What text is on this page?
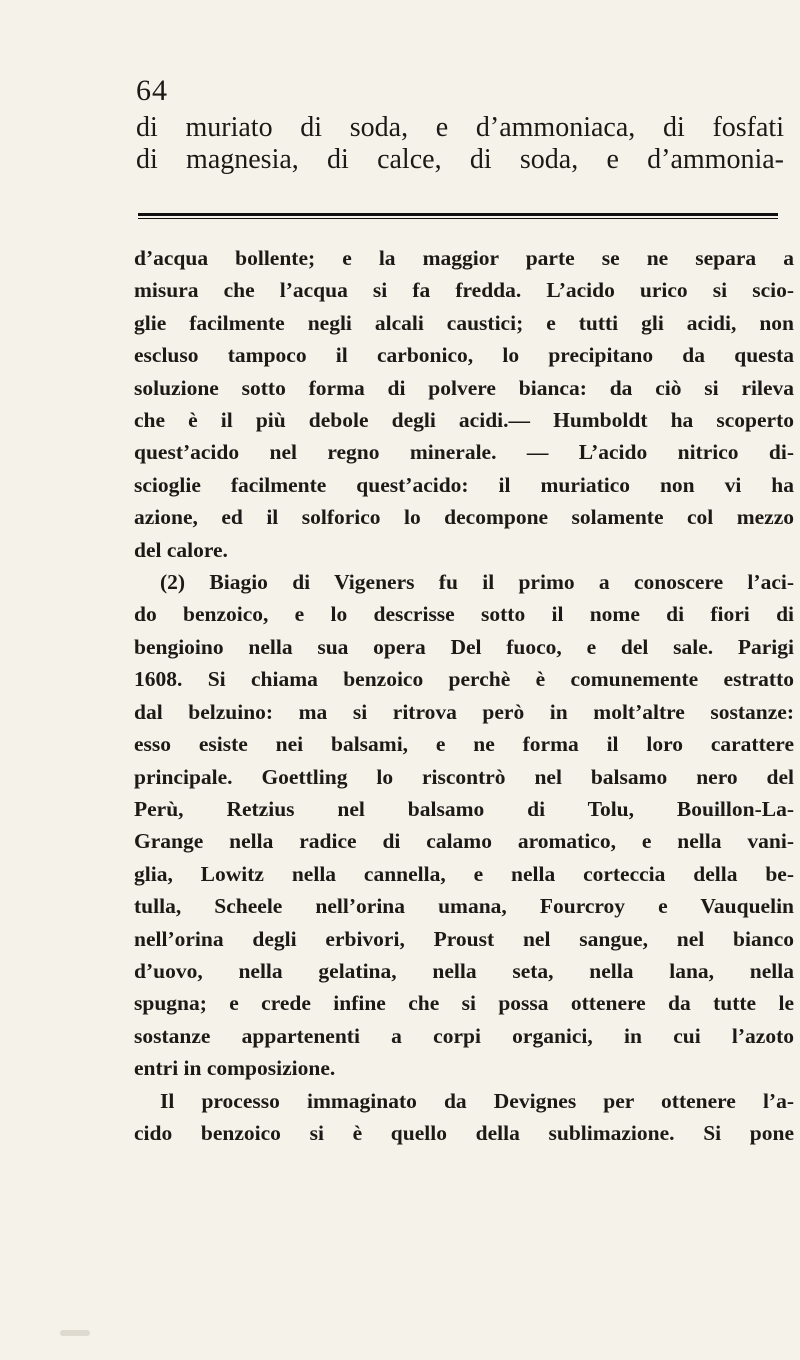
64
di muriato di soda, e d’ammoniaca, di fosfati
di magnesia, di calce, di soda, e d’ammonia-
d’acqua bollente; e la maggior parte se ne separa a
misura che l’acqua si fa fredda. L’acido urico si scio-
glie facilmente negli alcali caustici; e tutti gli acidi, non
escluso tampoco il carbonico, lo precipitano da questa
soluzione sotto forma di polvere bianca: da ciò si rileva
che è il più debole degli acidi.— Humboldt ha scoperto
quest’acido nel regno minerale. — L’acido nitrico di-
scioglie facilmente quest’acido: il muriatico non vi ha
azione, ed il solforico lo decompone solamente col mezzo
del calore.
(2) Biagio di Vigeners fu il primo a conoscere l’aci-
do benzoico, e lo descrisse sotto il nome di fiori di
bengioino nella sua opera Del fuoco, e del sale. Parigi
1608. Si chiama benzoico perchè è comunemente estratto
dal belzuino: ma si ritrova però in molt’altre sostanze:
esso esiste nei balsami, e ne forma il loro carattere
principale. Goettling lo riscontrò nel balsamo nero del
Perù, Retzius nel balsamo di Tolu, Bouillon-La-
Grange nella radice di calamo aromatico, e nella vani-
glia, Lowitz nella cannella, e nella corteccia della be-
tulla, Scheele nell’orina umana, Fourcroy e Vauquelin
nell’orina degli erbivori, Proust nel sangue, nel bianco
d’uovo, nella gelatina, nella seta, nella lana, nella
spugna; e crede infine che si possa ottenere da tutte le
sostanze appartenenti a corpi organici, in cui l’azoto
entri in composizione.
Il processo immaginato da Devignes per ottenere l’a-
cido benzoico si è quello della sublimazione. Si pone
